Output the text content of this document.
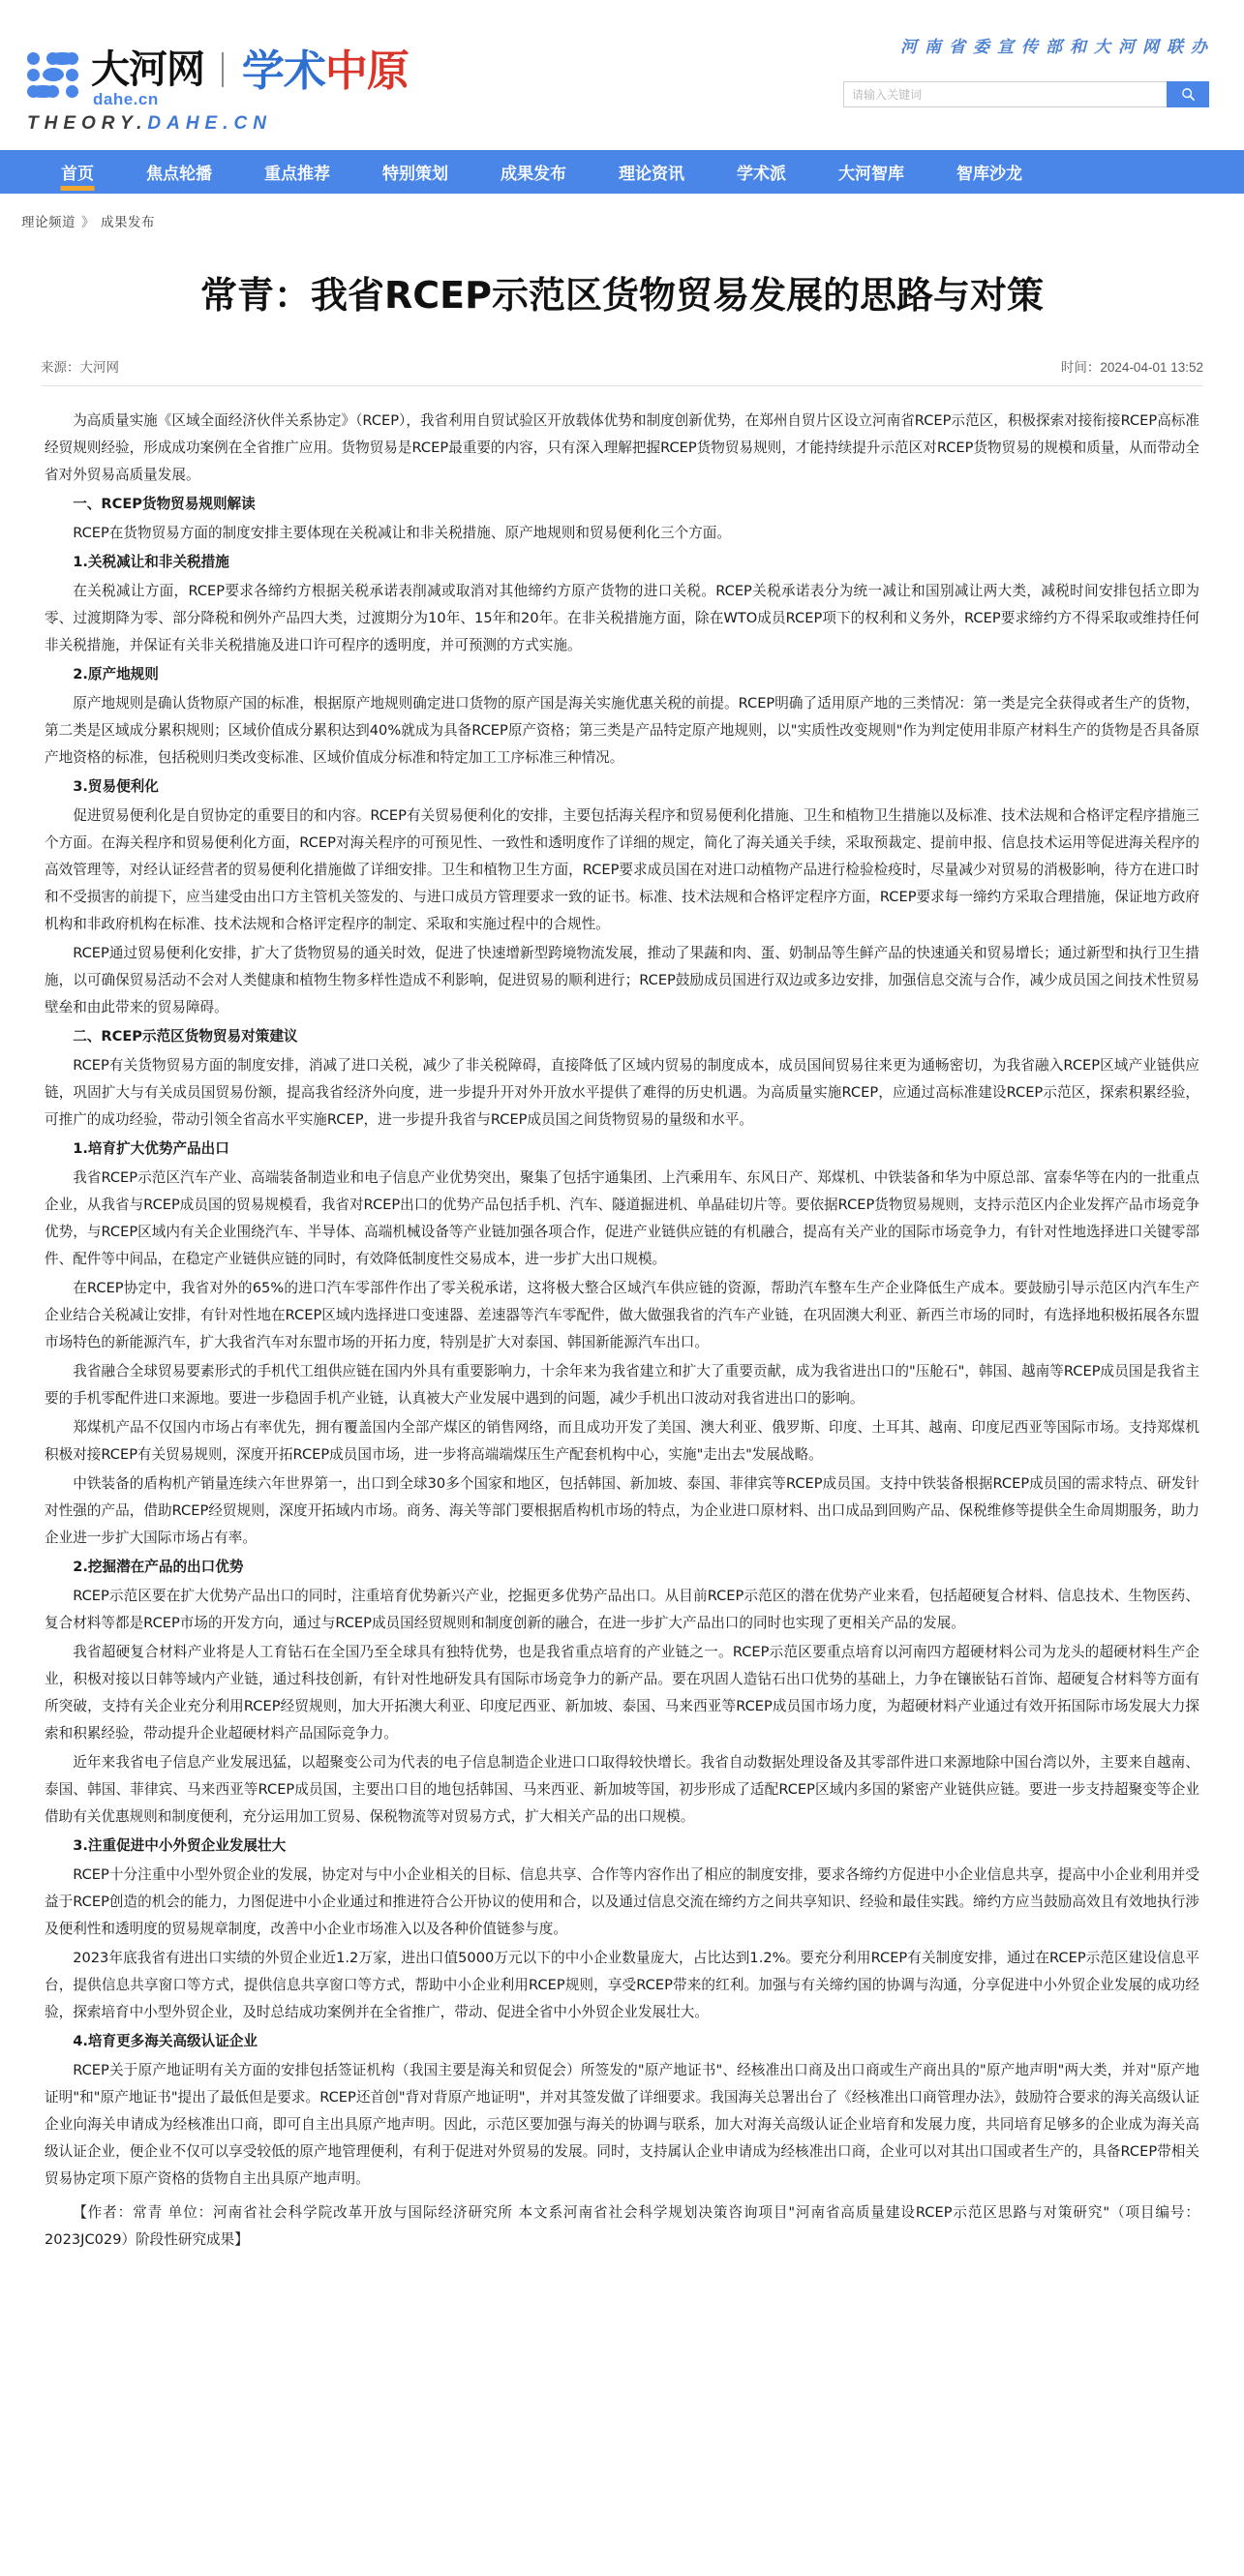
大河网 学术中原
dahe.cn
THEORY.DAHE.CN
河南省委宣传部和大河网联办
请输入关键词
首页	焦点轮播	重点推荐	特别策划	成果发布	理论资讯	学术派	大河智库	智库沙龙
理论频道 》 成果发布
常青：我省RCEP示范区货物贸易发展的思路与对策
来源：大河网	时间：2024-04-01 13:52

为高质量实施《区域全面经济伙伴关系协定》（RCEP），我省利用自贸试验区开放载体优势和制度创新优势，在郑州自贸片区设立河南省RCEP示范区，积极探索对接衔接RCEP高标准经贸规则经验，形成成功案例在全省推广应用。货物贸易是RCEP最重要的内容，只有深入理解把握RCEP货物贸易规则，才能持续提升示范区对RCEP货物贸易的规模和质量，从而带动全省对外贸易高质量发展。

一、RCEP货物贸易规则解读

RCEP在货物贸易方面的制度安排主要体现在关税减让和非关税措施、原产地规则和贸易便利化三个方面。

1.关税减让和非关税措施

在关税减让方面，RCEP要求各缔约方根据关税承诺表削减或取消对其他缔约方原产货物的进口关税。RCEP关税承诺表分为统一减让和国别减让两大类，减税时间安排包括立即为零、过渡期降为零、部分降税和例外产品四大类，过渡期分为10年、15年和20年。在非关税措施方面，除在WTO成员RCEP项下的权利和义务外，RCEP要求缔约方不得采取或维持任何非关税措施，并保证有关非关税措施及进口许可程序的透明度，并可预测的方式实施。

2.原产地规则

原产地规则是确认货物原产国的标准，根据原产地规则确定进口货物的原产国是海关实施优惠关税的前提。RCEP明确了适用原产地的三类情况：第一类是完全获得或者生产的货物，第二类是区域成分累积规则；区域价值成分累积达到40%就成为具备RCEP原产资格；第三类是产品特定原产地规则，以"实质性改变规则"作为判定使用非原产材料生产的货物是否具备原产地资格的标准，包括税则归类改变标准、区域价值成分标准和特定加工工序标准三种情况。

3.贸易便利化

促进贸易便利化是自贸协定的重要目的和内容。RCEP有关贸易便利化的安排，主要包括海关程序和贸易便利化措施、卫生和植物卫生措施以及标准、技术法规和合格评定程序措施三个方面。在海关程序和贸易便利化方面，RCEP对海关程序的可预见性、一致性和透明度作了详细的规定，简化了海关通关手续，采取预裁定、提前申报、信息技术运用等促进海关程序的高效管理等，对经认证经营者的贸易便利化措施做了详细安排。卫生和植物卫生方面，RCEP要求成员国在对进口动植物产品进行检验检疫时，尽量减少对贸易的消极影响，待方在进口时和不受损害的前提下，应当建受由出口方主管机关签发的、与进口成员方管理要求一致的证书。标准、技术法规和合格评定程序方面，RCEP要求每一缔约方采取合理措施，保证地方政府机构和非政府机构在标准、技术法规和合格评定程序的制定、采取和实施过程中的合规性。

RCEP通过贸易便利化安排，扩大了货物贸易的通关时效，促进了快速增新型跨境物流发展，推动了果蔬和肉、蛋、奶制品等生鲜产品的快速通关和贸易增长；通过新型和执行卫生措施，以可确保贸易活动不会对人类健康和植物生物多样性造成不利影响，促进贸易的顺利进行；RCEP鼓励成员国进行双边或多边安排，加强信息交流与合作，减少成员国之间技术性贸易壁垒和由此带来的贸易障碍。

二、RCEP示范区货物贸易对策建议

RCEP有关货物贸易方面的制度安排，消减了进口关税，减少了非关税障碍，直接降低了区域内贸易的制度成本，成员国间贸易往来更为通畅密切，为我省融入RCEP区域产业链供应链，巩固扩大与有关成员国贸易份额，提高我省经济外向度，进一步提升开对外开放水平提供了难得的历史机遇。为高质量实施RCEP，应通过高标准建设RCEP示范区，探索积累经验，可推广的成功经验，带动引领全省高水平实施RCEP，进一步提升我省与RCEP成员国之间货物贸易的量级和水平。

1.培育扩大优势产品出口

我省RCEP示范区汽车产业、高端装备制造业和电子信息产业优势突出，聚集了包括宇通集团、上汽乘用车、东风日产、郑煤机、中铁装备和华为中原总部、富泰华等在内的一批重点企业，从我省与RCEP成员国的贸易规模看，我省对RCEP出口的优势产品包括手机、汽车、隧道掘进机、单晶硅切片等。要依据RCEP货物贸易规则，支持示范区内企业发挥产品市场竞争优势，与RCEP区域内有关企业围绕汽车、半导体、高端机械设备等产业链加强各项合作，促进产业链供应链的有机融合，提高有关产业的国际市场竞争力，有针对性地选择进口关键零部件、配件等中间品，在稳定产业链供应链的同时，有效降低制度性交易成本，进一步扩大出口规模。

在RCEP协定中，我省对外的65%的进口汽车零部件作出了零关税承诺，这将极大整合区域汽车供应链的资源，帮助汽车整车生产企业降低生产成本。要鼓励引导示范区内汽车生产企业结合关税减让安排，有针对性地在RCEP区域内选择进口变速器、差速器等汽车零配件，做大做强我省的汽车产业链，在巩固澳大利亚、新西兰市场的同时，有选择地积极拓展各东盟市场特色的新能源汽车，扩大我省汽车对东盟市场的开拓力度，特别是扩大对泰国、韩国新能源汽车出口。

我省融合全球贸易要素形式的手机代工组供应链在国内外具有重要影响力，十余年来为我省建立和扩大了重要贡献，成为我省进出口的"压舱石"，韩国、越南等RCEP成员国是我省主要的手机零配件进口来源地。要进一步稳固手机产业链，认真被大产业发展中遇到的问题，减少手机出口波动对我省进出口的影响。

郑煤机产品不仅国内市场占有率优先，拥有覆盖国内全部产煤区的销售网络，而且成功开发了美国、澳大利亚、俄罗斯、印度、土耳其、越南、印度尼西亚等国际市场。支持郑煤机积极对接RCEP有关贸易规则，深度开拓RCEP成员国市场，进一步将高端端煤压生产配套机构中心，实施"走出去"发展战略。

中铁装备的盾构机产销量连续六年世界第一，出口到全球30多个国家和地区，包括韩国、新加坡、泰国、菲律宾等RCEP成员国。支持中铁装备根据RCEP成员国的需求特点、研发针对性强的产品，借助RCEP经贸规则，深度开拓域内市场。商务、海关等部门要根据盾构机市场的特点，为企业进口原材料、出口成品到回购产品、保税维修等提供全生命周期服务，助力企业进一步扩大国际市场占有率。

2.挖掘潜在产品的出口优势

RCEP示范区要在扩大优势产品出口的同时，注重培育优势新兴产业，挖掘更多优势产品出口。从目前RCEP示范区的潜在优势产业来看，包括超硬复合材料、信息技术、生物医药、复合材料等都是RCEP市场的开发方向，通过与RCEP成员国经贸规则和制度创新的融合，在进一步扩大产品出口的同时也实现了更相关产品的发展。

我省超硬复合材料产业将是人工育钻石在全国乃至全球具有独特优势，也是我省重点培育的产业链之一。RCEP示范区要重点培育以河南四方超硬材料公司为龙头的超硬材料生产企业，积极对接以日韩等域内产业链，通过科技创新，有针对性地研发具有国际市场竞争力的新产品。要在巩固人造钻石出口优势的基础上，力争在镶嵌钻石首饰、超硬复合材料等方面有所突破，支持有关企业充分利用RCEP经贸规则，加大开拓澳大利亚、印度尼西亚、新加坡、泰国、马来西亚等RCEP成员国市场力度，为超硬材料产业通过有效开拓国际市场发展大力探索和积累经验，带动提升企业超硬材料产品国际竞争力。

近年来我省电子信息产业发展迅猛，以超聚变公司为代表的电子信息制造企业进口口取得较快增长。我省自动数据处理设备及其零部件进口来源地除中国台湾以外，主要来自越南、泰国、韩国、菲律宾、马来西亚等RCEP成员国，主要出口目的地包括韩国、马来西亚、新加坡等国，初步形成了适配RCEP区域内多国的紧密产业链供应链。要进一步支持超聚变等企业借助有关优惠规则和制度便利，充分运用加工贸易、保税物流等对贸易方式，扩大相关产品的出口规模。

3.注重促进中小外贸企业发展壮大

RCEP十分注重中小型外贸企业的发展，协定对与中小企业相关的目标、信息共享、合作等内容作出了相应的制度安排，要求各缔约方促进中小企业信息共享，提高中小企业利用并受益于RCEP创造的机会的能力，力图促进中小企业通过和推进符合公开协议的使用和合，以及通过信息交流在缔约方之间共享知识、经验和最佳实践。缔约方应当鼓励高效且有效地执行涉及便利性和透明度的贸易规章制度，改善中小企业市场准入以及各种价值链参与度。

2023年底我省有进出口实绩的外贸企业近1.2万家，进出口值5000万元以下的中小企业数量庞大，占比达到1.2%。要充分利用RCEP有关制度安排，通过在RCEP示范区建设信息平台，提供信息共享窗口等方式，提供信息共享窗口等方式，帮助中小企业利用RCEP规则，享受RCEP带来的红利。加强与有关缔约国的协调与沟通，分享促进中小外贸企业发展的成功经验，探索培育中小型外贸企业，及时总结成功案例并在全省推广，带动、促进全省中小外贸企业发展壮大。

4.培育更多海关高级认证企业

RCEP关于原产地证明有关方面的安排包括签证机构（我国主要是海关和贸促会）所签发的"原产地证书"、经核准出口商及出口商或生产商出具的"原产地声明"两大类，并对"原产地证明"和"原产地证书"提出了最低但是要求。RCEP还首创"背对背原产地证明"，并对其签发做了详细要求。我国海关总署出台了《经核准出口商管理办法》，鼓励符合要求的海关高级认证企业向海关申请成为经核准出口商，即可自主出具原产地声明。因此，示范区要加强与海关的协调与联系，加大对海关高级认证企业培育和发展力度，共同培育足够多的企业成为海关高级认证企业，便企业不仅可以享受较低的原产地管理便利，有利于促进对外贸易的发展。同时，支持属认企业申请成为经核准出口商，企业可以对其出口国或者生产的，具备RCEP带相关贸易协定项下原产资格的货物自主出具原产地声明。

【作者：常青 单位：河南省社会科学院改革开放与国际经济研究所 本文系河南省社会科学规划决策咨询项目"河南省高质量建设RCEP示范区思路与对策研究"（项目编号：2023JC029）阶段性研究成果】
